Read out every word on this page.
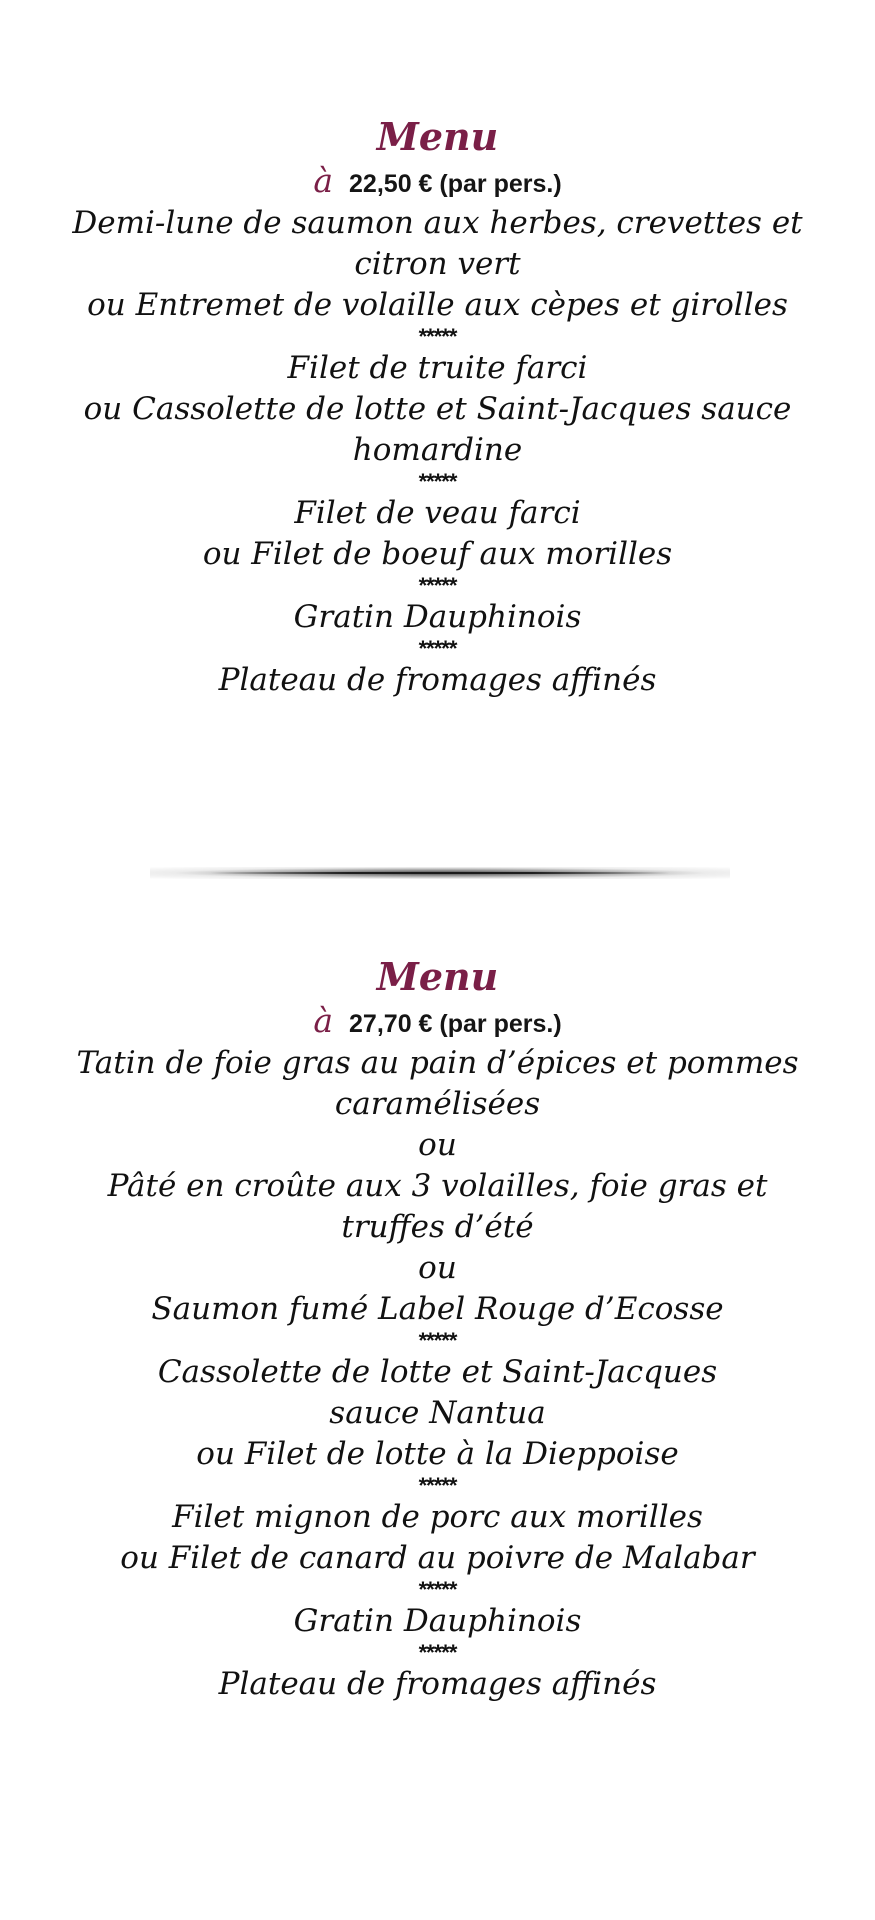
Menu
à 22,50 € (par pers.)
Demi-lune de saumon aux herbes, crevettes et
citron vert
ou Entremet de volaille aux cèpes et girolles
*****
Filet de truite farci
ou Cassolette de lotte et Saint-Jacques sauce
homardine
*****
Filet de veau farci
ou Filet de boeuf aux morilles
*****
Gratin Dauphinois
*****
Plateau de fromages affinés
Menu
à 27,70 € (par pers.)
Tatin de foie gras au pain d’épices et pommes
caramélisées
ou
Pâté en croûte aux 3 volailles, foie gras et
truffes d’été
ou
Saumon fumé Label Rouge d’Ecosse
*****
Cassolette de lotte et Saint-Jacques
sauce Nantua
ou Filet de lotte à la Dieppoise
*****
Filet mignon de porc aux morilles
ou Filet de canard au poivre de Malabar
*****
Gratin Dauphinois
*****
Plateau de fromages affinés
